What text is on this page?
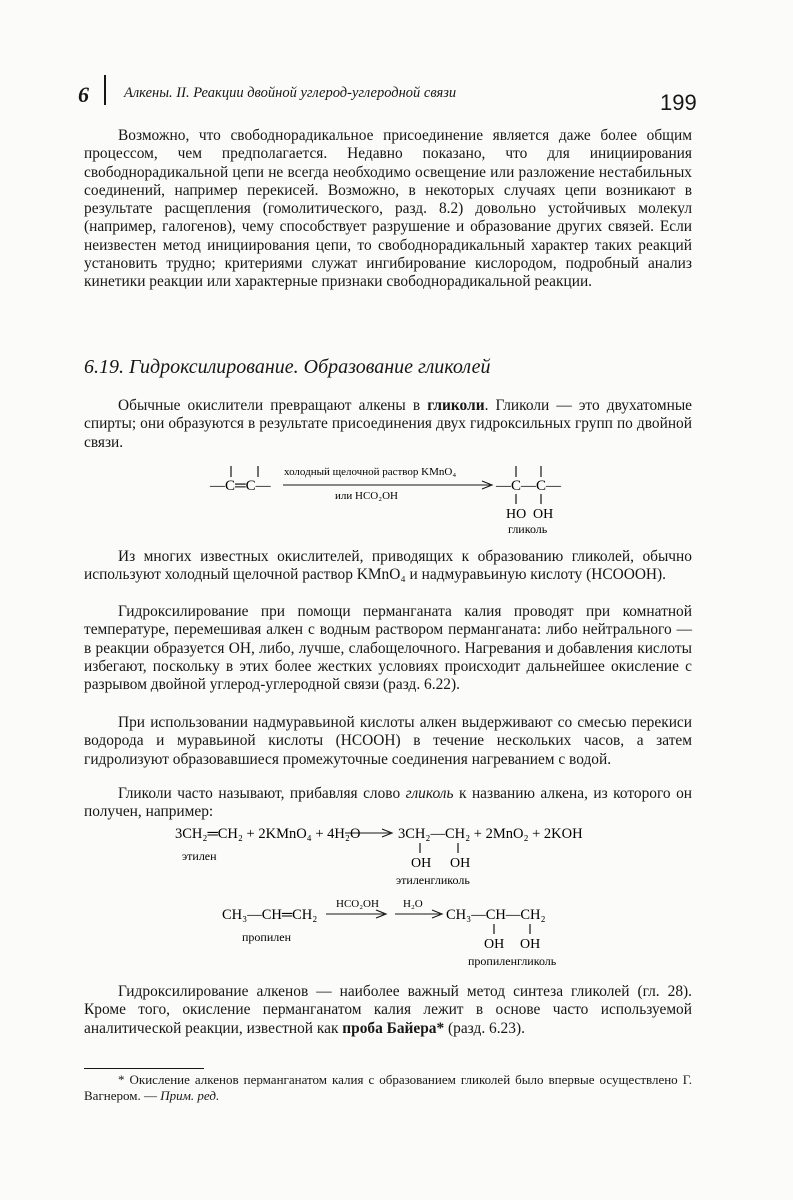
6 Алкены. II. Реакции двойной углерод-углеродной связи	199

Возможно, что свободнорадикальное присоединение является даже более общим процессом, чем предполагается. Недавно показано, что для инициирования свободнорадикальной цепи не всегда необходимо освещение или разложение нестабильных соединений, например перекисей. Возможно, в некоторых случаях цепи возникают в результате расщепления (гомолитического, разд. 8.2) довольно устойчивых молекул (например, галогенов), чему способствует разрушение и образование других связей. Если неизвестен метод инициирования цепи, то свободнорадикальный характер таких реакций установить трудно; критериями служат ингибирование кислородом, подробный анализ кинетики реакции или характерные признаки свободнорадикальной реакции.

6.19. Гидроксилирование. Образование гликолей

Обычные окислители превращают алкены в гликоли. Гликоли — это двухатомные спирты; они образуются в результате присоединения двух гидроксильных групп по двойной связи.

—C═C—
холодный щелочной раствор KMnO₄
или HCO₂OH
—C—C—
HO OH
гликоль

Из многих известных окислителей, приводящих к образованию гликолей, обычно используют холодный щелочной раствор KMnO₄ и надмуравьиную кислоту (HCOOOH).

Гидроксилирование при помощи перманганата калия проводят при комнатной температуре, перемешивая алкен с водным раствором перманганата: либо нейтрального — в реакции образуется OH, либо, лучше, слабощелочного. Нагревания и добавления кислоты избегают, поскольку в этих более жестких условиях происходит дальнейшее окисление с разрывом двойной углерод-углеродной связи (разд. 6.22).

При использовании надмуравьиной кислоты алкен выдерживают со смесью перекиси водорода и муравьиной кислоты (HCOOH) в течение нескольких часов, а затем гидролизуют образовавшиеся промежуточные соединения нагреванием с водой.

Гликоли часто называют, прибавляя слово гликоль к названию алкена, из которого он получен, например:

3CH₂═CH₂ + 2KMnO₄ + 4H₂O	3CH₂—CH₂ + 2MnO₂ + 2KOH
OH OH
этилен
этиленгликоль
CH₃—CH═CH₂
HCO₂OH H₂O
CH₃—CH—CH₂
OH OH
пропилен
пропиленгликоль

Гидроксилирование алкенов — наиболее важный метод синтеза гликолей (гл. 28). Кроме того, окисление перманганатом калия лежит в основе часто используемой аналитической реакции, известной как проба Байера* (разд. 6.23).

* Окисление алкенов перманганатом калия с образованием гликолей было впервые осуществлено Г. Вагнером. — Прим. ред.
